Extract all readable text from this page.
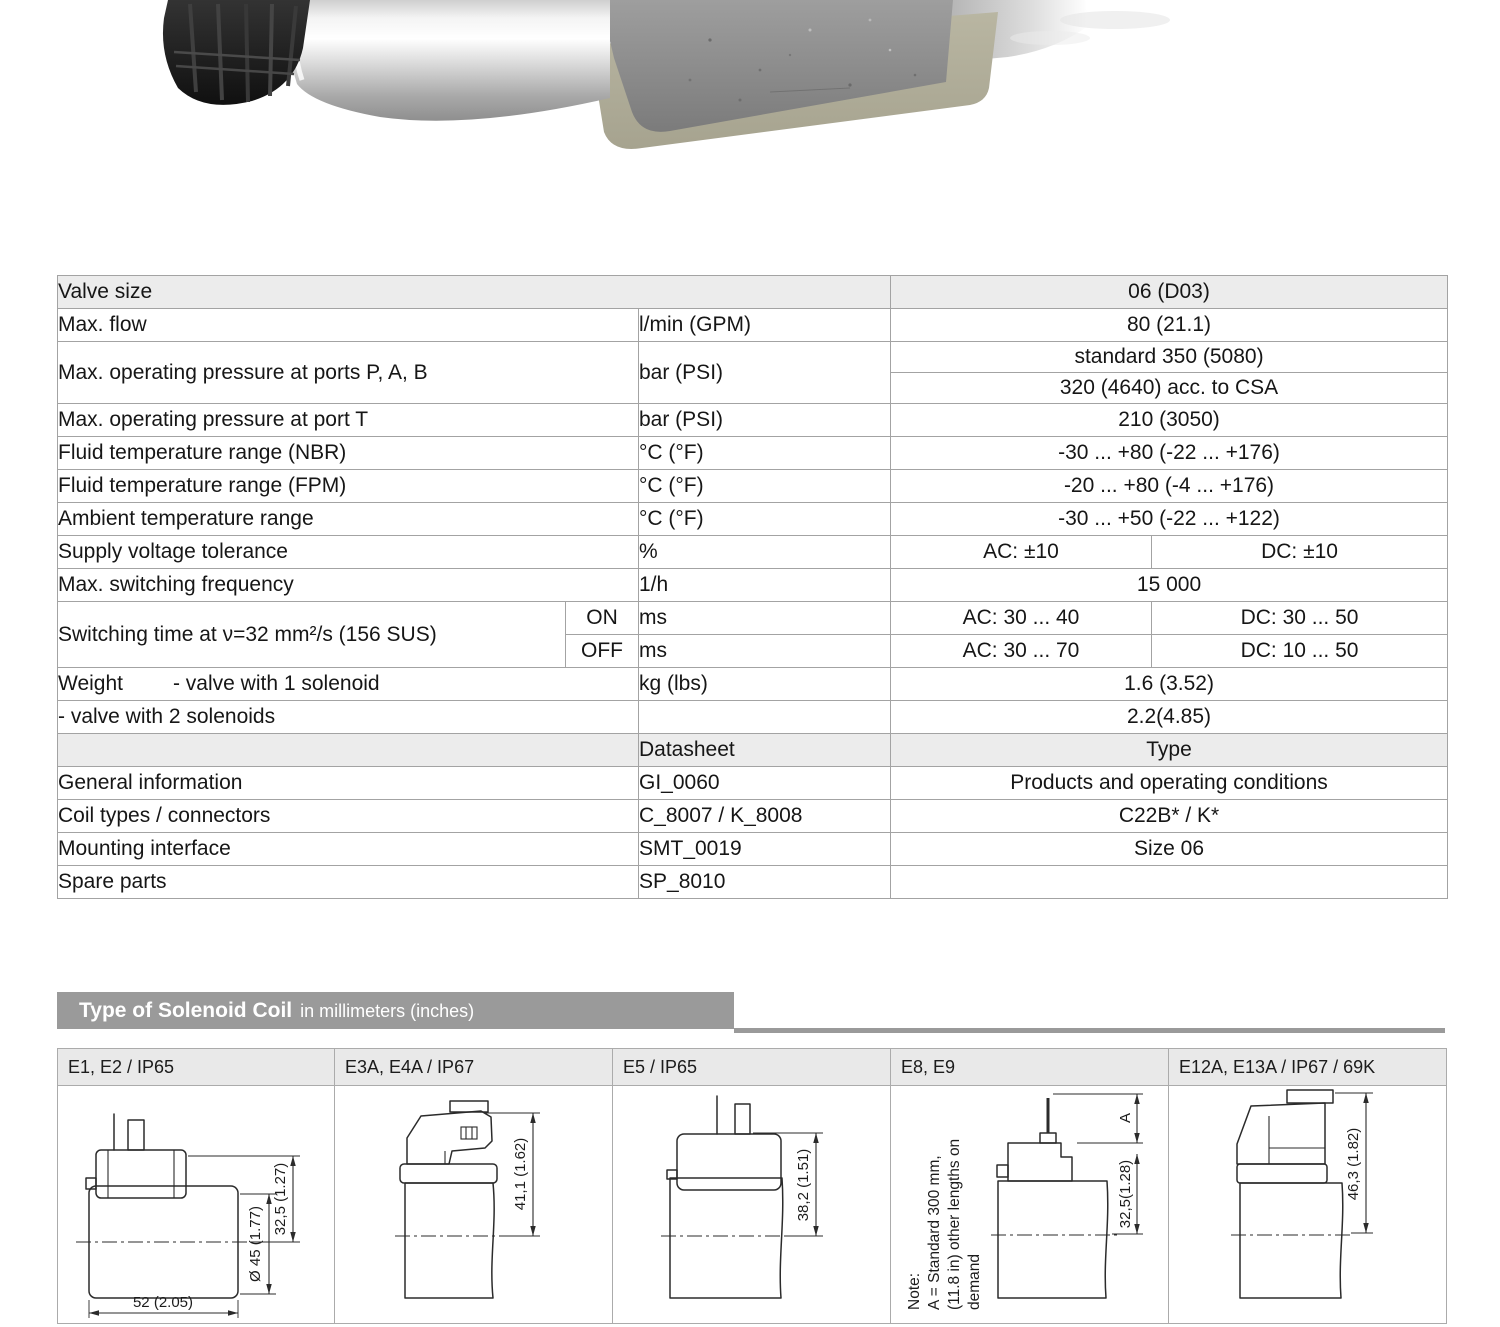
Valve size			06 (D03)	
Max. flow		l/min (GPM)	80 (21.1)	
Max. operating pressure at ports P, A, B		bar (PSI)	standard 350 (5080)	
			320 (4640) acc. to CSA	
Max. operating pressure at port T		bar (PSI)	210 (3050)	
Fluid temperature range (NBR)		°C (°F)	-30 ... +80 (-22 ... +176)	
Fluid temperature range (FPM)		°C (°F)	-20 ... +80 (-4 ... +176)	
Ambient temperature range		°C (°F)	-30 ... +50 (-22 ... +122)	
Supply voltage tolerance		%	AC: ±10	DC: ±10
Max. switching frequency		1/h	15 000	
Switching time at ν=32 mm²/s (156 SUS)	ON	ms	AC: 30 ... 40	DC: 30 ... 50
	OFF	ms	AC: 30 ... 70	DC: 10 ... 50
Weight - valve with 1 solenoid		kg (lbs)	1.6 (3.52)	
- valve with 2 solenoids			2.2(4.85)	
		Datasheet	Type	
General information		GI_0060	Products and operating conditions	
Coil types / connectors		C_8007 / K_8008	C22B* / K*	
Mounting interface		SMT_0019	Size 06	
Spare parts		SP_8010		
Type of Solenoid Coil in millimeters (inches)
E1, E2 / IP65
Ø 45 (1.77)
32,5 (1.27)
52 (2.05)
E3A, E4A / IP67
41,1 (1.62)
E5 / IP65
38,2 (1.51)
E8, E9
A
32,5(1.28)
Note:
A = Standard 300 mm,
(11.8 in) other lengths on
demand
E12A, E13A / IP67 / 69K
46,3 (1.82)
